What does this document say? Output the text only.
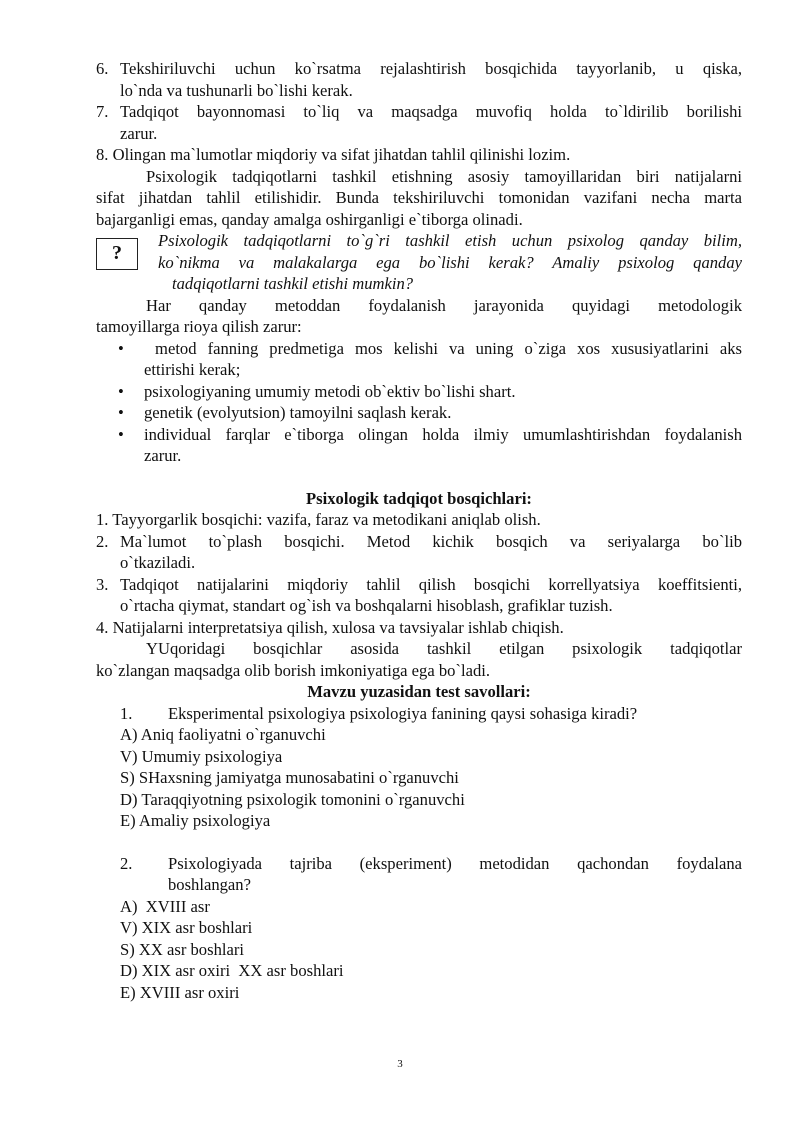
6. Tekshiriluvchi uchun ko`rsatma rejalashtirish bosqichida tayyorlanib, u qiska,
lo`nda va tushunarli bo`lishi kerak.
7. Tadqiqot bayonnomasi to`liq va maqsadga muvofiq holda to`ldirilib borilishi
zarur.
8. Olingan ma`lumotlar miqdoriy va sifat jihatdan tahlil qilinishi lozim.
Psixologik tadqiqotlarni tashkil etishning asosiy tamoyillaridan biri natijalarni
sifat jihatdan tahlil etilishidir. Bunda tekshiriluvchi tomonidan vazifani necha marta
bajarganligi emas, qanday amalga oshirganligi e`tiborga olinadi.
?
Psixologik tadqiqotlarni to`g`ri tashkil etish uchun psixolog qanday bilim,
ko`nikma va malakalarga ega bo`lishi kerak? Amaliy psixolog qanday
tadqiqotlarni tashkil etishi mumkin?
Har qanday metoddan foydalanish jarayonida quyidagi metodologik
tamoyillarga rioya qilish zarur:
•	metod fanning predmetiga mos kelishi va uning o`ziga xos xususiyatlarini aks
ettirishi kerak;
•	psixologiyaning umumiy metodi ob`ektiv bo`lishi shart.
•	genetik (evolyutsion) tamoyilni saqlash kerak.
•	individual farqlar e`tiborga olingan holda ilmiy umumlashtirishdan foydalanish
zarur.
Psixologik tadqiqot bosqichlari:
1. Tayyorgarlik bosqichi: vazifa, faraz va metodikani aniqlab olish.
2. Ma`lumot to`plash bosqichi. Metod kichik bosqich va seriyalarga bo`lib
o`tkaziladi.
3. Tadqiqot natijalarini miqdoriy tahlil qilish bosqichi korrellyatsiya koeffitsienti,
o`rtacha qiymat, standart og`ish va boshqalarni hisoblash, grafiklar tuzish.
4. Natijalarni interpretatsiya qilish, xulosa va tavsiyalar ishlab chiqish.
YUqoridagi bosqichlar asosida tashkil etilgan psixologik tadqiqotlar
ko`zlangan maqsadga olib borish imkoniyatiga ega bo`ladi.
Mavzu yuzasidan test savollari:
1.	Eksperimental psixologiya psixologiya fanining qaysi sohasiga kiradi?
A) Aniq faoliyatni o`rganuvchi
V) Umumiy psixologiya
S) SHaxsning jamiyatga munosabatini o`rganuvchi
D) Taraqqiyotning psixologik tomonini o`rganuvchi
E) Amaliy psixologiya
2.	Psixologiyada tajriba (eksperiment) metodidan qachondan foydalana
boshlangan?
A)  XVIII asr
V) XIX asr boshlari
S) XX asr boshlari
D) XIX asr oxiri  XX asr boshlari
E) XVIII asr oxiri
3
